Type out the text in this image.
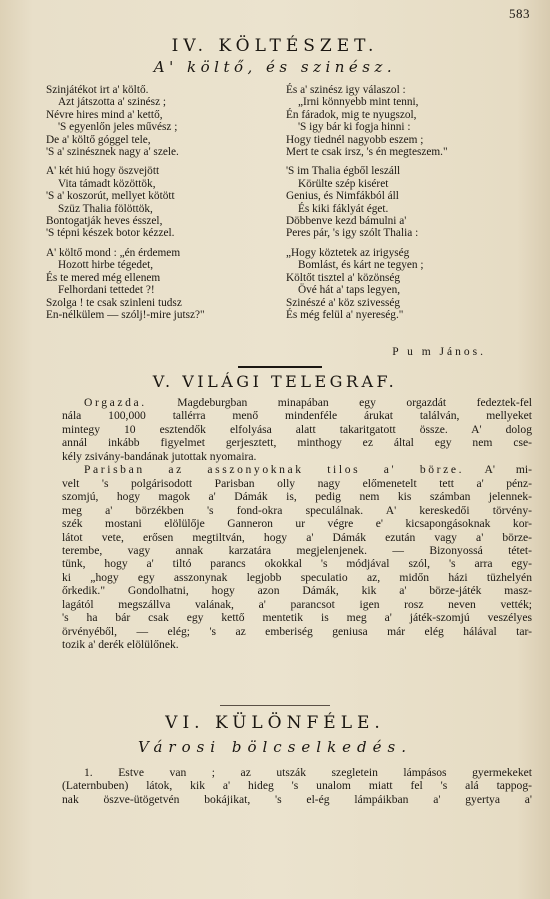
583
IV. KÖLTÉSZET.
A' költő, és szinész.
Szinjátékot irt a' költő.
Azt játszotta a' szinész ;
Névre hires mind a' kettő,
'S egyenlőn jeles művész ;
De a' költő góggel tele,
'S a' szinésznek nagy a' szele.
A' két hiú hogy öszvejött
Vita támadt közöttök,
'S a' koszorút, mellyet kötött
Szüz Thalia fölöttök,
Bontogatják heves ésszel,
'S tépni készek botor kézzel.
A' költő mond : „én érdemem
Hozott hirbe tégedet,
És te mered még ellenem
Felhordani tettedet ?!
Szolga ! te csak szinleni tudsz
En-nélkülem — szólj!-mire jutsz?"
És a' szinész igy válaszol :
„Irni könnyebb mint tenni,
Én fáradok, mig te nyugszol,
'S igy bár ki fogja hinni :
Hogy tiednél nagyobb eszem ;
Mert te csak irsz, 's én megteszem."
'S im Thalia égből leszáll
Körülte szép kiséret
Genius, és Nimfákból áll
És kiki fáklyát éget.
Döbbenve kezd bámulni a'
Peres pár, 's igy szólt Thalia :
„Hogy köztetek az irigység
Bomlást, és kárt ne tegyen ;
Költőt tisztel a' közönség
Övé hát a' taps legyen,
Szinészé a' köz szivesség
És még felül a' nyereség."
P u m János.
V. VILÁGI TELEGRAF.
Orgazda. Magdeburgban minapában egy orgazdát fedeztek-fel
nála 100,000 tallérra menő mindenféle árukat találván, mellyeket
mintegy 10 esztendők elfolyása alatt takaritgatott össze. A' dolog
annál inkább figyelmet gerjesztett, minthogy ez által egy nem cse-
kély zsivány-bandának jutottak nyomaira.
Parisban az asszonyoknak tilos a' börze. A' mi-
velt 's polgárisodott Parisban olly nagy előmenetelt tett a' pénz-
szomjú, hogy magok a' Dámák is, pedig nem kis számban jelennek-
meg a' börzékben 's fond-okra speculálnak. A' kereskedői törvény-
szék mostani elölülője Ganneron ur végre e' kicsapongásoknak kor-
látot vete, erősen megtiltván, hogy a' Dámák ezután vagy a' börze-
terembe, vagy annak karzatára megjelenjenek. — Bizonyossá tétet-
tünk, hogy a' tiltó parancs okokkal 's módjával szól, 's arra egy-
ki „hogy egy asszonynak legjobb speculatio az, midőn házi tüzhelyén
őrkedik." Gondolhatni, hogy azon Dámák, kik a' börze-játék masz-
lagától megszállva valának, a' parancsot igen rosz neven vették;
's ha bár csak egy kettő mentetik is meg a' játék-szomjú veszélyes
örvényéből, — elég; 's az emberiség geniusa már elég hálával tar-
tozik a' derék elölülőnek.
VI. KÜLÖNFÉLE.
Városi bölcselkedés.
1. Estve van ; az utszák szegletein lámpásos gyermekeket
(Laternbuben) látok, kik a' hideg 's unalom miatt fel 's alá tappog-
nak öszve-ütögetvén bokájikat, 's el-ég lámpáikban a' gyertya a'
